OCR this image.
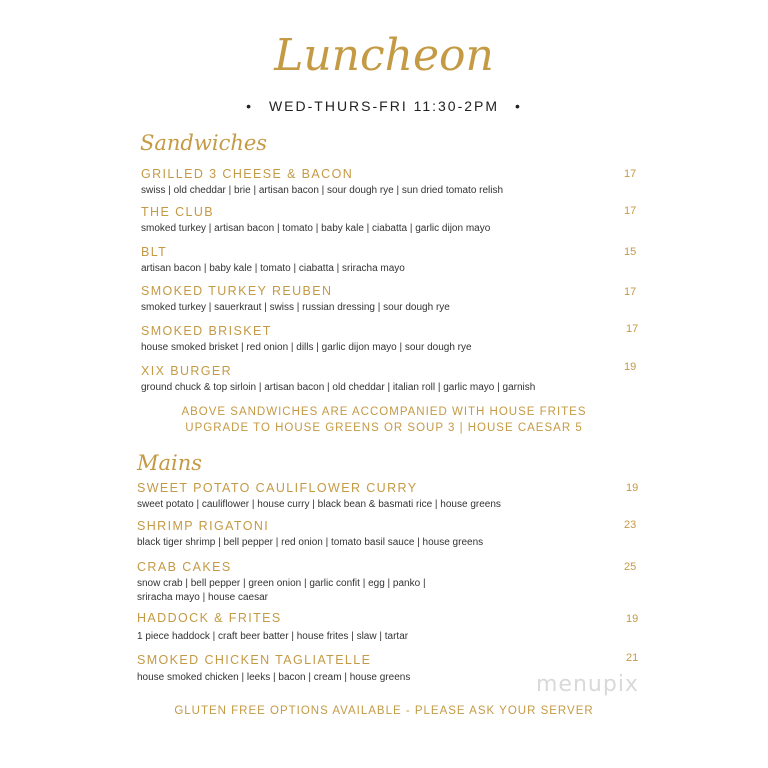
Luncheon
• WED-THURS-FRI 11:30-2PM •
Sandwiches
GRILLED 3 CHEESE & BACON
swiss | old cheddar | brie | artisan bacon | sour dough rye | sun dried tomato relish
17
THE CLUB
smoked turkey | artisan bacon | tomato | baby kale | ciabatta | garlic dijon mayo
17
BLT
artisan bacon | baby kale | tomato | ciabatta | sriracha mayo
15
SMOKED TURKEY REUBEN
smoked turkey | sauerkraut | swiss | russian dressing | sour dough rye
17
SMOKED BRISKET
house smoked brisket | red onion | dills | garlic dijon mayo | sour dough rye
17
XIX BURGER
ground chuck & top sirloin | artisan bacon | old cheddar | italian roll | garlic mayo | garnish
19
ABOVE SANDWICHES ARE ACCOMPANIED WITH HOUSE FRITES
UPGRADE TO HOUSE GREENS OR SOUP 3 | HOUSE CAESAR 5
Mains
SWEET POTATO CAULIFLOWER CURRY
sweet potato | cauliflower | house curry | black bean & basmati rice | house greens
19
SHRIMP RIGATONI
black tiger shrimp | bell pepper | red onion | tomato basil sauce | house greens
23
CRAB CAKES
snow crab | bell pepper | green onion | garlic confit | egg | panko |
sriracha mayo | house caesar
25
HADDOCK & FRITES
1 piece haddock | craft beer batter | house frites | slaw | tartar
19
SMOKED CHICKEN TAGLIATELLE
house smoked chicken | leeks | bacon | cream | house greens
21
menupix
GLUTEN FREE OPTIONS AVAILABLE - PLEASE ASK YOUR SERVER
